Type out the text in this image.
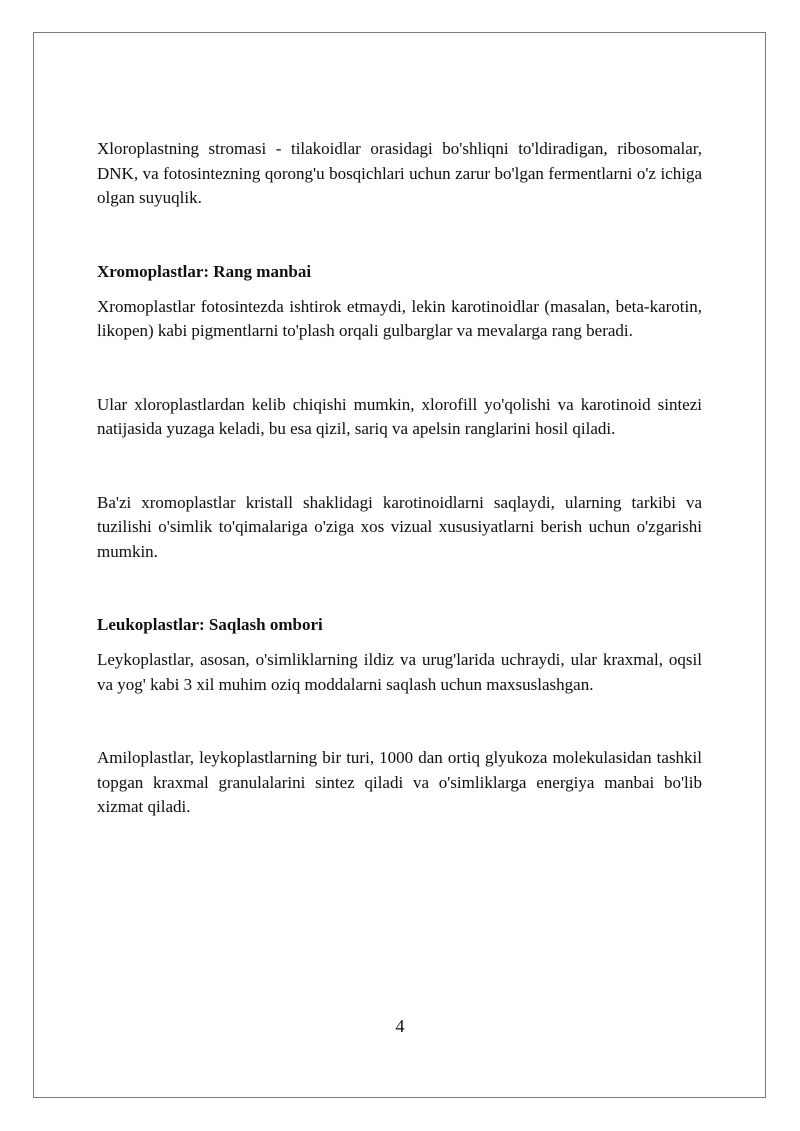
Xloroplastning stromasi - tilakoidlar orasidagi bo'shliqni to'ldiradigan, ribosomalar, DNK, va fotosintezning qorong'u bosqichlari uchun zarur bo'lgan fermentlarni o'z ichiga olgan suyuqlik.

Xromoplastlar: Rang manbai

Xromoplastlar fotosintezda ishtirok etmaydi, lekin karotinoidlar (masalan, beta-karotin, likopen) kabi pigmentlarni to'plash orqali gulbarglar va mevalarga rang beradi.

Ular xloroplastlardan kelib chiqishi mumkin, xlorofill yo'qolishi va karotinoid sintezi natijasida yuzaga keladi, bu esa qizil, sariq va apelsin ranglarini hosil qiladi.

Ba'zi xromoplastlar kristall shaklidagi karotinoidlarni saqlaydi, ularning tarkibi va tuzilishi o'simlik to'qimalariga o'ziga xos vizual xususiyatlarni berish uchun o'zgarishi mumkin.

Leukoplastlar: Saqlash ombori

Leykoplastlar, asosan, o'simliklarning ildiz va urug'larida uchraydi, ular kraxmal, oqsil va yog' kabi 3 xil muhim oziq moddalarni saqlash uchun maxsuslashgan.

Amiloplastlar, leykoplastlarning bir turi, 1000 dan ortiq glyukoza molekulasidan tashkil topgan kraxmal granulalarini sintez qiladi va o'simliklarga energiya manbai bo'lib xizmat qiladi.

4
